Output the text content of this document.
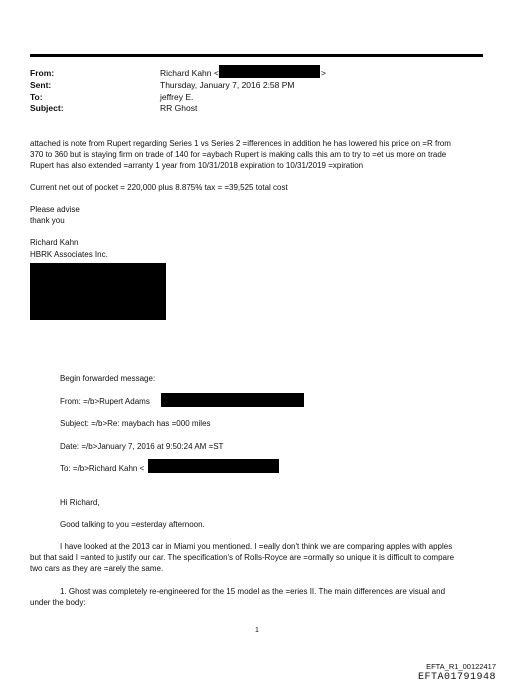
From:
Sent:
To:
Subject:
Richard Kahn <	>
Thursday, January 7, 2016 2:58 PM
jeffrey E.
RR Ghost
attached is note from Rupert regarding Series 1 vs Series 2 =ifferences in addition he has lowered his price on =R from
370 to 360 but is staying firm on trade of 140 for =aybach Rupert is making calls this am to try to =et us more on trade
Rupert has also extended =arranty 1 year from 10/31/2018 expiration to 10/31/2019 =xpiration
Current net out of pocket = 220,000 plus 8.875% tax = =39,525 total cost
Please advise
thank you
Richard Kahn
HBRK Associates Inc.
Begin forwarded message:
From: =/b>Rupert Adams
Subject: =/b>Re: maybach has =000 miles
Date: =/b>January 7, 2016 at 9:50:24 AM =ST
To: =/b>Richard Kahn <
Hi Richard,
Good talking to you =esterday afternoon.
I have looked at the 2013 car in Miami you mentioned. I =eally don't think we are comparing apples with apples
but that said I =anted to justify our car. The specification's of Rolls-Royce are =ormally so unique it is difficult to compare
two cars as they are =arely the same.
1. Ghost was completely re-engineered for the 15 model as the =eries II. The main differences are visual and
under the body:
1
EFTA_R1_00122417
EFTA01791948
